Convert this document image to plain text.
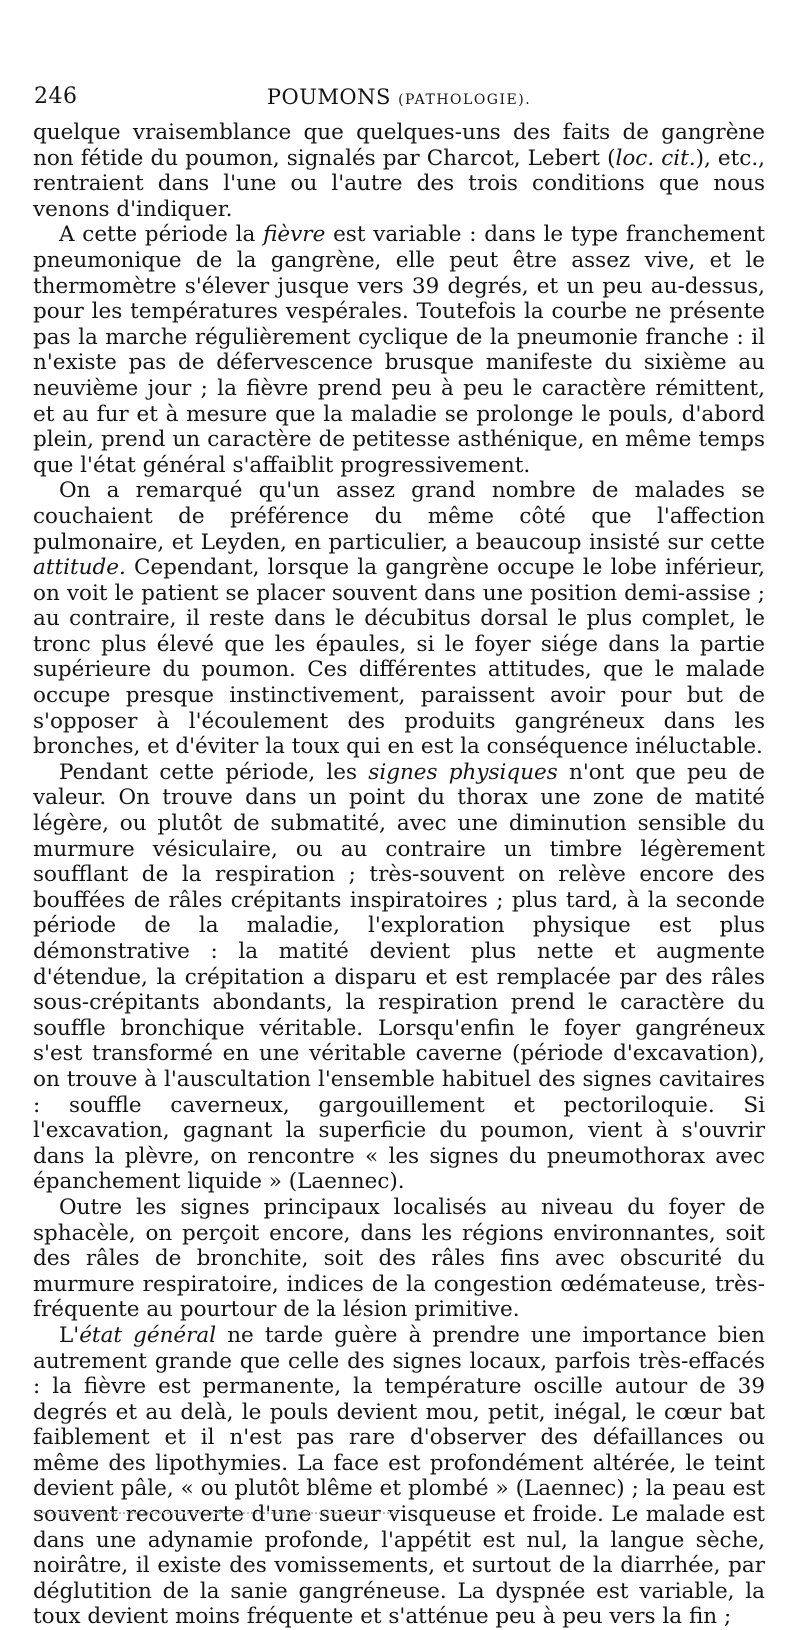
246	POUMONS (PATHOLOGIE).

quelque vraisemblance que quelques-uns des faits de gangrène non fétide du poumon, signalés par Charcot, Lebert (loc. cit.), etc., rentraient dans l'une ou l'autre des trois conditions que nous venons d'indiquer.

A cette période la fièvre est variable : dans le type franchement pneumonique de la gangrène, elle peut être assez vive, et le thermomètre s'élever jusque vers 39 degrés, et un peu au-dessus, pour les températures vespérales. Toutefois la courbe ne présente pas la marche régulièrement cyclique de la pneumonie franche : il n'existe pas de défervescence brusque manifeste du sixième au neuvième jour ; la fièvre prend peu à peu le caractère rémittent, et au fur et à mesure que la maladie se prolonge le pouls, d'abord plein, prend un caractère de petitesse asthénique, en même temps que l'état général s'affaiblit progressivement.

On a remarqué qu'un assez grand nombre de malades se couchaient de préférence du même côté que l'affection pulmonaire, et Leyden, en particulier, a beaucoup insisté sur cette attitude. Cependant, lorsque la gangrène occupe le lobe inférieur, on voit le patient se placer souvent dans une position demi-assise ; au contraire, il reste dans le décubitus dorsal le plus complet, le tronc plus élevé que les épaules, si le foyer siége dans la partie supérieure du poumon. Ces différentes attitudes, que le malade occupe presque instinctivement, paraissent avoir pour but de s'opposer à l'écoulement des produits gangréneux dans les bronches, et d'éviter la toux qui en est la conséquence inéluctable.

Pendant cette période, les signes physiques n'ont que peu de valeur. On trouve dans un point du thorax une zone de matité légère, ou plutôt de submatité, avec une diminution sensible du murmure vésiculaire, ou au contraire un timbre légèrement soufflant de la respiration ; très-souvent on relève encore des bouffées de râles crépitants inspiratoires ; plus tard, à la seconde période de la maladie, l'exploration physique est plus démonstrative : la matité devient plus nette et augmente d'étendue, la crépitation a disparu et est remplacée par des râles sous-crépitants abondants, la respiration prend le caractère du souffle bronchique véritable. Lorsqu'enfin le foyer gangréneux s'est transformé en une véritable caverne (période d'excavation), on trouve à l'auscultation l'ensemble habituel des signes cavitaires : souffle caverneux, gargouillement et pectoriloquie. Si l'excavation, gagnant la superficie du poumon, vient à s'ouvrir dans la plèvre, on rencontre « les signes du pneumothorax avec épanchement liquide » (Laennec).

Outre les signes principaux localisés au niveau du foyer de sphacèle, on perçoit encore, dans les régions environnantes, soit des râles de bronchite, soit des râles fins avec obscurité du murmure respiratoire, indices de la congestion œdémateuse, très-fréquente au pourtour de la lésion primitive.

L'état général ne tarde guère à prendre une importance bien autrement grande que celle des signes locaux, parfois très-effacés : la fièvre est permanente, la température oscille autour de 39 degrés et au delà, le pouls devient mou, petit, inégal, le cœur bat faiblement et il n'est pas rare d'observer des défaillances ou même des lipothymies. La face est profondément altérée, le teint devient pâle, « ou plutôt blême et plombé » (Laennec) ; la peau est souvent recouverte d'une sueur visqueuse et froide. Le malade est dans une adynamie profonde, l'appétit est nul, la langue sèche, noirâtre, il existe des vomissements, et surtout de la diarrhée, par déglutition de la sanie gangréneuse. La dyspnée est variable, la toux devient moins fréquente et s'atténue peu à peu vers la fin ;
